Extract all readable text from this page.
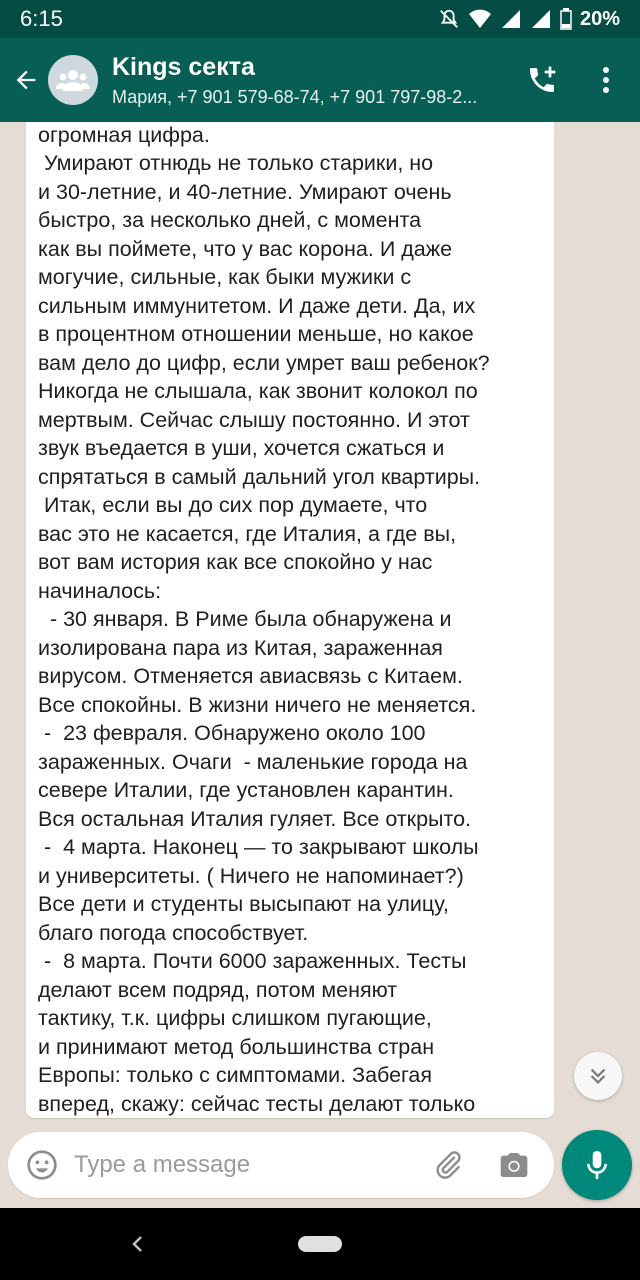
6:15	20%
Kings секта
Мария, +7 901 579-68-74, +7 901 797-98-2...

огромная цифра.
Умирают отнюдь не только старики, но
и 30-летние, и 40-летние. Умирают очень
быстро, за несколько дней, с момента
как вы поймете, что у вас корона. И даже
могучие, сильные, как быки мужики с
сильным иммунитетом. И даже дети. Да, их
в процентном отношении меньше, но какое
вам дело до цифр, если умрет ваш ребенок?
Никогда не слышала, как звонит колокол по
мертвым. Сейчас слышу постоянно. И этот
звук въедается в уши, хочется сжаться и
спрятаться в самый дальний угол квартиры.
Итак, если вы до сих пор думаете, что
вас это не касается, где Италия, а где вы,
вот вам история как все спокойно у нас
начиналось:
- 30 января. В Риме была обнаружена и
изолирована пара из Китая, зараженная
вирусом. Отменяется авиасвязь с Китаем.
Все спокойны. В жизни ничего не меняется.
-  23 февраля. Обнаружено около 100
зараженных. Очаги  - маленькие города на
севере Италии, где установлен карантин.
Вся остальная Италия гуляет. Все открыто.
-  4 марта. Наконец — то закрывают школы
и университеты. ( Ничего не напоминает?)
Все дети и студенты высыпают на улицу,
благо погода способствует.
-  8 марта. Почти 6000 зараженных. Тесты
делают всем подряд, потом меняют
тактику, т.к. цифры слишком пугающие,
и принимают метод большинства стран
Европы: только с симптомами. Забегая
вперед, скажу: сейчас тесты делают только
Type a message
